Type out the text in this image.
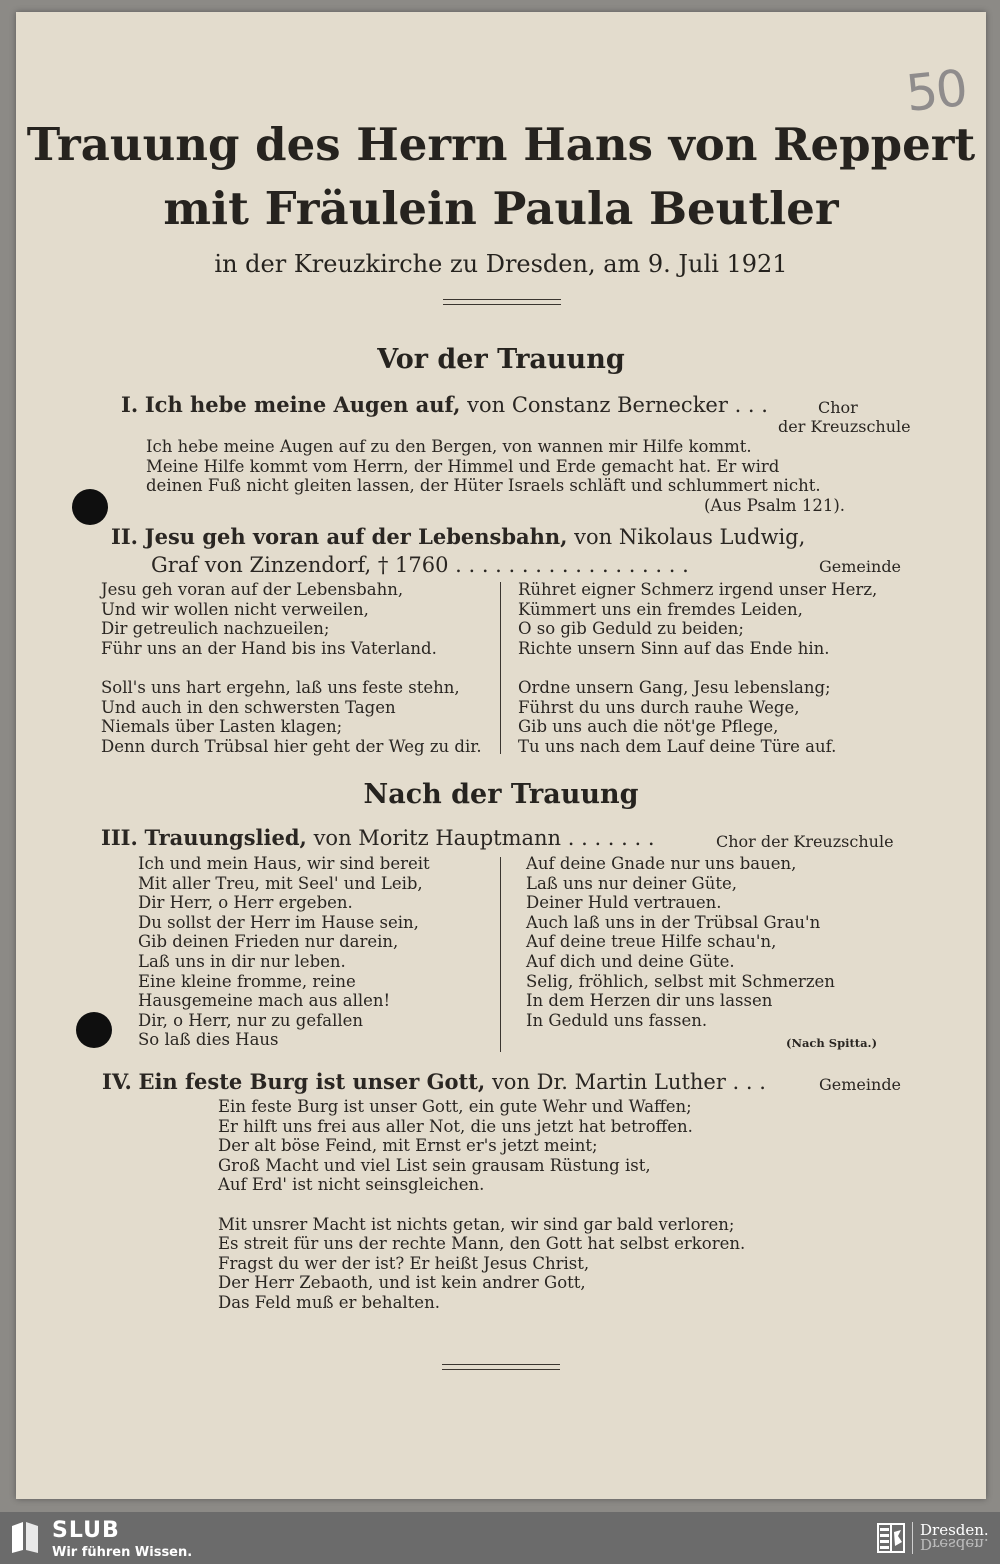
50
Trauung des Herrn Hans von Reppert
mit Fräulein Paula Beutler
in der Kreuzkirche zu Dresden, am 9. Juli 1921
Vor der Trauung
I. Ich hebe meine Augen auf, von Constanz Bernecker . . .	Chor
der Kreuzschule
Ich hebe meine Augen auf zu den Bergen, von wannen mir Hilfe kommt.
Meine Hilfe kommt vom Herrn, der Himmel und Erde gemacht hat. Er wird
deinen Fuß nicht gleiten lassen, der Hüter Israels schläft und schlummert nicht.
(Aus Psalm 121).
II. Jesu geh voran auf der Lebensbahn, von Nikolaus Ludwig,
Graf von Zinzendorf, † 1760 . . . . . . . . . . . . . . . . . .	Gemeinde
Jesu geh voran auf der Lebensbahn,
Und wir wollen nicht verweilen,
Dir getreulich nachzueilen;
Führ uns an der Hand bis ins Vaterland.
Soll's uns hart ergehn, laß uns feste stehn,
Und auch in den schwersten Tagen
Niemals über Lasten klagen;
Denn durch Trübsal hier geht der Weg zu dir.
Rühret eigner Schmerz irgend unser Herz,
Kümmert uns ein fremdes Leiden,
O so gib Geduld zu beiden;
Richte unsern Sinn auf das Ende hin.
Ordne unsern Gang, Jesu lebenslang;
Führst du uns durch rauhe Wege,
Gib uns auch die nöt'ge Pflege,
Tu uns nach dem Lauf deine Türe auf.
Nach der Trauung
III. Trauungslied, von Moritz Hauptmann . . . . . . .	Chor der Kreuzschule
Ich und mein Haus, wir sind bereit
Mit aller Treu, mit Seel' und Leib,
Dir Herr, o Herr ergeben.
Du sollst der Herr im Hause sein,
Gib deinen Frieden nur darein,
Laß uns in dir nur leben.
Eine kleine fromme, reine
Hausgemeine mach aus allen!
Dir, o Herr, nur zu gefallen
So laß dies Haus
Auf deine Gnade nur uns bauen,
Laß uns nur deiner Güte,
Deiner Huld vertrauen.
Auch laß uns in der Trübsal Grau'n
Auf deine treue Hilfe schau'n,
Auf dich und deine Güte.
Selig, fröhlich, selbst mit Schmerzen
In dem Herzen dir uns lassen
In Geduld uns fassen.
(Nach Spitta.)
IV. Ein feste Burg ist unser Gott, von Dr. Martin Luther . . .	Gemeinde
Ein feste Burg ist unser Gott, ein gute Wehr und Waffen;
Er hilft uns frei aus aller Not, die uns jetzt hat betroffen.
Der alt böse Feind, mit Ernst er's jetzt meint;
Groß Macht und viel List sein grausam Rüstung ist,
Auf Erd' ist nicht seinsgleichen.
Mit unsrer Macht ist nichts getan, wir sind gar bald verloren;
Es streit für uns der rechte Mann, den Gott hat selbst erkoren.
Fragst du wer der ist? Er heißt Jesus Christ,
Der Herr Zebaoth, und ist kein andrer Gott,
Das Feld muß er behalten.
SLUB
Wir führen Wissen.
Dresden.
Dresden.
